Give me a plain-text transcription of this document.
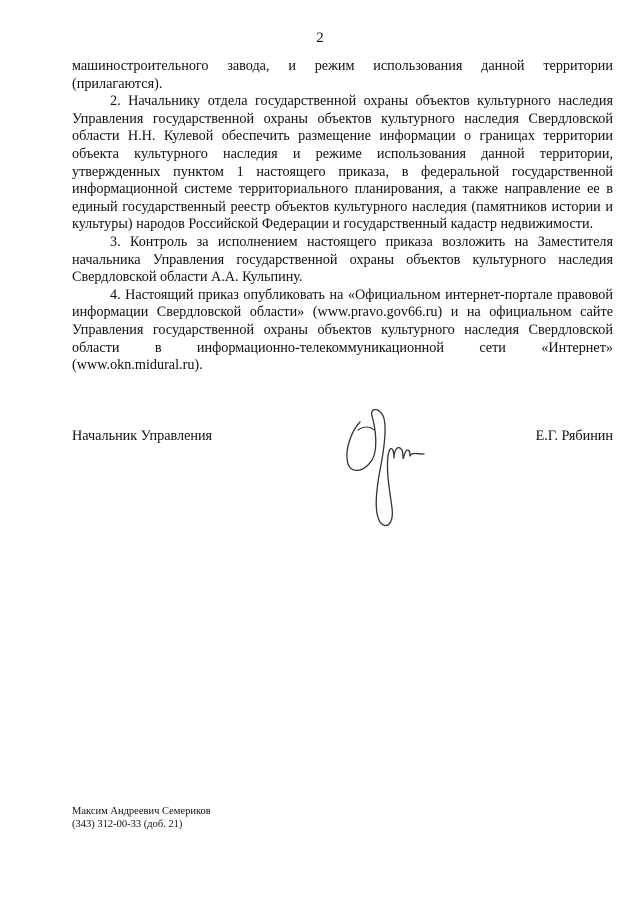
2

машиностроительного завода, и режим использования данной территории (прилагаются).

2. Начальнику отдела государственной охраны объектов культурного наследия Управления государственной охраны объектов культурного наследия Свердловской области Н.Н. Кулевой обеспечить размещение информации о границах территории объекта культурного наследия и режиме использования данной территории, утвержденных пунктом 1 настоящего приказа, в федеральной государственной информационной системе территориального планирования, а также направление ее в единый государственный реестр объектов культурного наследия (памятников истории и культуры) народов Российской Федерации и государственный кадастр недвижимости.

3. Контроль за исполнением настоящего приказа возложить на Заместителя начальника Управления государственной охраны объектов культурного наследия Свердловской области А.А. Кульпину.

4. Настоящий приказ опубликовать на «Официальном интернет-портале правовой информации Свердловской области» (www.pravo.gov66.ru) и на официальном сайте Управления государственной охраны объектов культурного наследия Свердловской области в информационно-телекоммуникационной сети «Интернет» (www.okn.midural.ru).

Начальник Управления	Е.Г. Рябинин
Максим Андреевич Семериков
(343) 312-00-33 (доб. 21)
